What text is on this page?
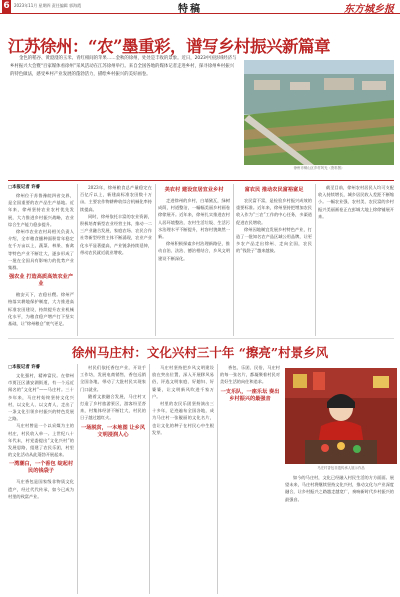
6	2023年11月 星期四 责任编辑 郭海霞	特稿	东方城乡报
江苏徐州：“农”墨重彩，谱写乡村振兴新篇章
金色的稻谷、黄澄澄的玉米、青红相间的苹果……金秋的徐州，处处是丰收的景象。近日，2023中国县域经济与乡村振兴大会暨“百家媒体看徐州”采风活动在江苏徐州举行。来自全国各地的媒体记者走进乡村，探寻徐州乡村振兴的特色做法，感受乡村产业发展的蓬勃活力，描绘乡村振兴的美好画卷。
徐州市铜山区乡村风光（资料图）
□本报记者 许睿

徐州位于苏鲁豫皖四省交界，是全国重要的农产品生产基地。近年来，徐州坚持农业农村优先发展，大力推进乡村振兴战略，农业综合生产能力稳步提升。

徐州市农业农村局相关负责人介绍，全市粮食播种面积常年稳定在千万亩以上，蔬菜、林果、畜禽等特色产业不断壮大，逐步形成了一批在全国具有影响力的优势产业集群。

强农业 打造高质高效农业产业

粮安天下，农稳社稷。徐州严格落实耕地保护制度，大力推进高标准农田建设，持续提升农业机械化水平，为粮食稳产增产打下坚实基础，让“徐州粮仓”底气更足。

2023年，徐州粮食总产量稳定在百亿斤以上，新建高标准农田数十万亩，主要农作物耕种收综合机械化率持续提高。

同时，徐州依托丰富的农业资源，积极培育新型农业经营主体，推动一二三产业融合发展，家庭农场、农民合作社等新型经营主体不断涌现，农业产业化水平显著提高，产业链条持续延伸，带动农民就近就业增收。

美农村 建设宜居宜业乡村

走进徐州的乡村，白墙黛瓦，绿树成荫，村道整洁，一幅幅美丽乡村画卷徐徐展开。近年来，徐州扎实推进农村人居环境整治，农村生活垃圾、生活污水治理水平不断提升，村容村貌焕然一新。

徐州积极探索乡村治理新路径，推动自治、法治、德治相结合，乡风文明建设不断深化。

富农民 推动农民富裕富足

农民富不富，是检验乡村振兴成效的重要标准。近年来，徐州坚持把增加农民收入作为“三农”工作的中心任务，多渠道促进农民增收。

徐州因地制宜发展乡村特色产业，打造了一批知名农产品区域公用品牌，让更多农产品走出徐州、走向全国，农民的“钱袋子”越来越鼓。

截至目前，徐州农村居民人均可支配收入持续增长，城乡居民收入差距不断缩小。一幅农业强、农村美、农民富的乡村振兴美丽画卷正在彭城大地上徐徐铺展开来。

徐州马庄村：文化兴村三十年 “擦亮”村景乡风
□本报记者 许睿

文化强村，精神富民。在徐州市贾汪区潘安湖街道，有一个远近闻名的“文化村”——马庄村。三十多年来，马庄村始终坚持文化兴村，以文化人、以文育人，走出了一条文化引领乡村振兴的特色发展之路。

马庄村曾是一个以采煤为主的村庄，村民收入单一。上世纪八十年代末，村党委提出“文化兴村”的发展思路，组建了农民乐团，村里的文化活动从此蓬勃开展起来。

一湾潮白，一个香包 绽起村民的钱袋子

马庄香包是国家级非物质文化遗产，经过代代传承，如今已成为村里的致富产业。

村民们依托香包产业，开设手工作坊，发展电商销售，香包远销全国各地，带动了大批村民实现家门口就业。

随着文旅融合发展，马庄村又打造了乡村旅游景区，游客纷至沓来，村集体经济不断壮大，村民的日子越过越红火。

一场脱贫，一本地图 让乡风文明浸润人心

马庄村坚持把乡风文明建设放在突出位置，深入开展移风易俗，评选文明家庭、好媳妇、好婆婆，让文明新风吹进千家万户。

村里的农民乐团坚持演出三十多年，足迹遍布全国各地，成为马庄村一张靓丽的文化名片，也让文化的种子在村民心中生根发芽。

香包、乐团、民俗，马庄村的每一张名片，都凝聚着村民对美好生活的向往和追求。

一支乐队，一座乐坛 奏出乡村振兴的最强音
马庄村香包非遗传承人展示作品

如今的马庄村，文化已经融入村民生活的方方面面。展望未来，马庄村将继续坚持文化兴村，推动文化与产业深度融合，让乡村振兴之路越走越宽广，奏响新时代乡村振兴的最强音。
